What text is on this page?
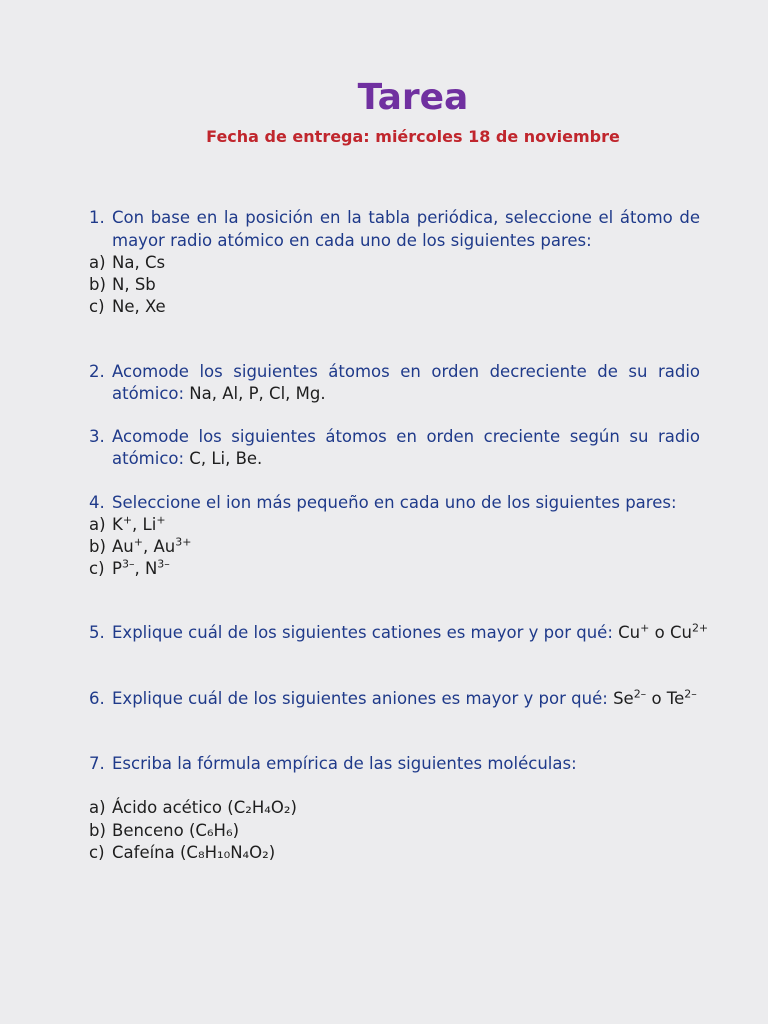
Tarea
Fecha de entrega: miércoles 18 de noviembre
1. Con base en la posición en la tabla periódica, seleccione el átomo de
mayor radio atómico en cada uno de los siguientes pares:
a) Na, Cs
b) N, Sb
c) Ne, Xe
2. Acomode los siguientes átomos en orden decreciente de su radio
atómico: Na, Al, P, Cl, Mg.
3. Acomode los siguientes átomos en orden creciente según su radio
atómico: C, Li, Be.
4. Seleccione el ion más pequeño en cada uno de los siguientes pares:
a) K+, Li+
b) Au+, $Au^{3+}$
c) $P^{3-}$, $N^{3-}$
5. Explique cuál de los siguientes cationes es mayor y por qué: Cu+ o $Cu^{2+}$
6. Explique cuál de los siguientes aniones es mayor y por qué: $Se^{2-}$ o $Te^{2-}$
7. Escriba la fórmula empírica de las siguientes moléculas:
a) Ácido acético (C₂H₄O₂)
b) Benceno (C₆H₆)
c) Cafeína (C₈H₁₀N₄O₂)
